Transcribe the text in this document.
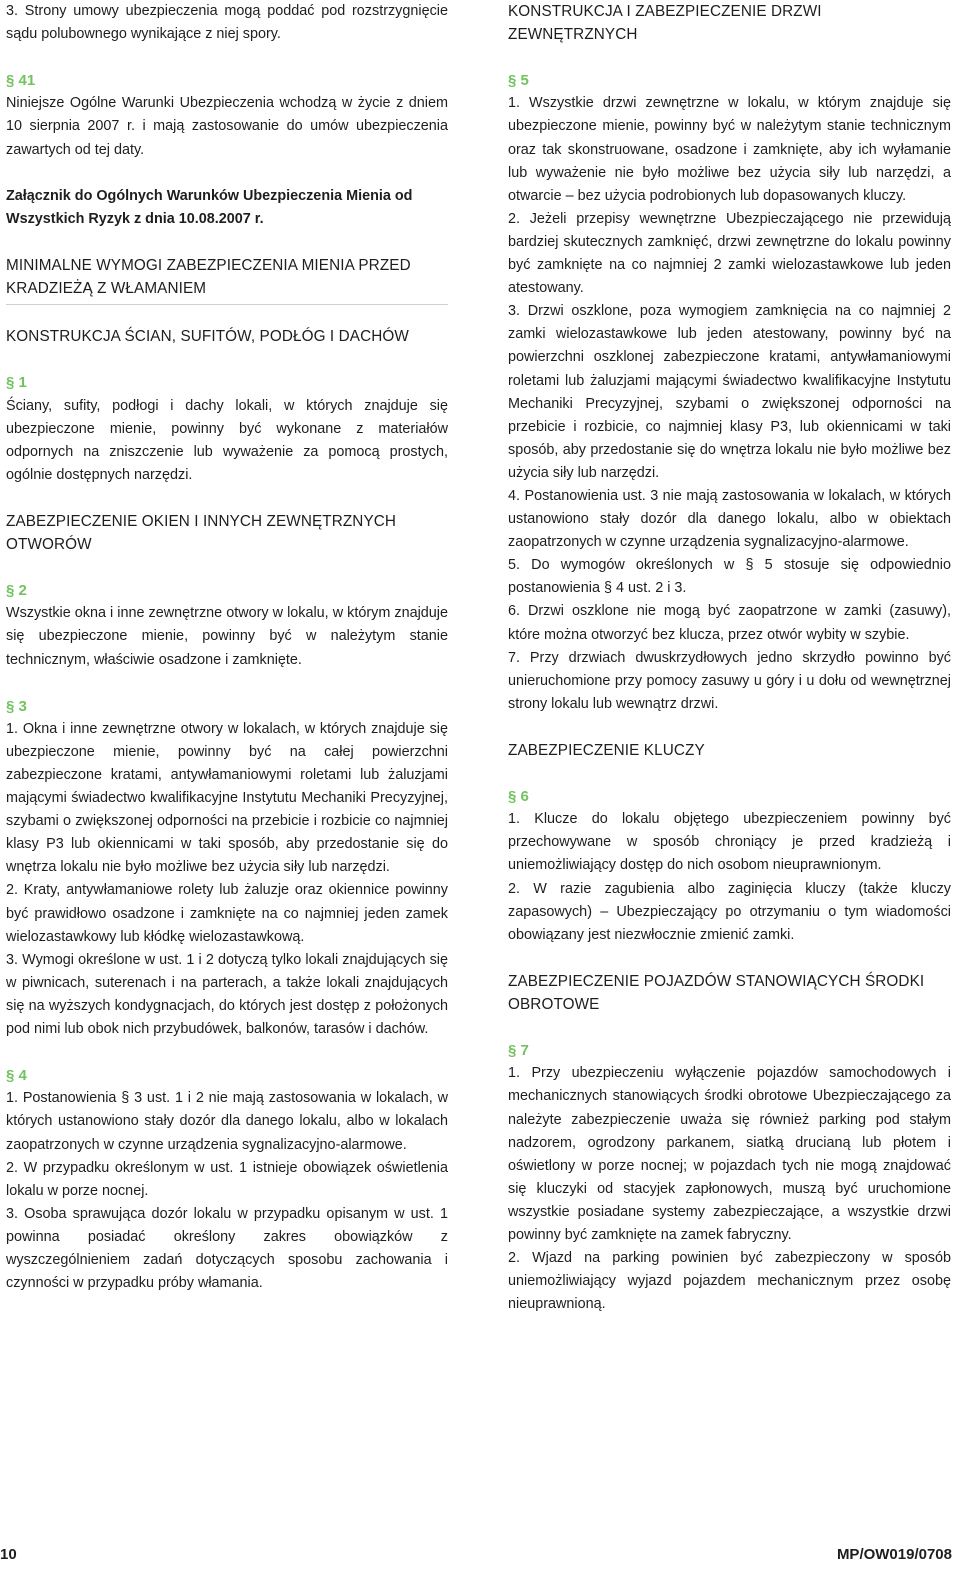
3. Strony umowy ubezpieczenia mogą poddać pod rozstrzygnięcie sądu polubownego wynikające z niej spory.

§ 41

Niniejsze Ogólne Warunki Ubezpieczenia wchodzą w życie z dniem 10 sierpnia 2007 r. i mają zastosowanie do umów ubezpieczenia zawartych od tej daty.

Załącznik do Ogólnych Warunków Ubezpieczenia Mienia od Wszystkich Ryzyk z dnia 10.08.2007 r.

MINIMALNE WYMOGI ZABEZPIECZENIA MIENIA PRZED KRADZIEŻĄ Z WŁAMANIEM

KONSTRUKCJA ŚCIAN, SUFITÓW, PODŁÓG I DACHÓW

§ 1

Ściany, sufity, podłogi i dachy lokali, w których znajduje się ubezpieczone mienie, powinny być wykonane z materiałów odpornych na zniszczenie lub wyważenie za pomocą prostych, ogólnie dostępnych narzędzi.

ZABEZPIECZENIE OKIEN I INNYCH ZEWNĘTRZNYCH OTWORÓW

§ 2

Wszystkie okna i inne zewnętrzne otwory w lokalu, w którym znajduje się ubezpieczone mienie, powinny być w należytym stanie technicznym, właściwie osadzone i zamknięte.

§ 3

1. Okna i inne zewnętrzne otwory w lokalach, w których znajduje się ubezpieczone mienie, powinny być na całej powierzchni zabezpieczone kratami, antywłamaniowymi roletami lub żaluzjami mającymi świadectwo kwalifikacyjne Instytutu Mechaniki Precyzyjnej, szybami o zwiększonej odporności na przebicie i rozbicie co najmniej klasy P3 lub okiennicami w taki sposób, aby przedostanie się do wnętrza lokalu nie było możliwe bez użycia siły lub narzędzi.

2. Kraty, antywłamaniowe rolety lub żaluzje oraz okiennice powinny być prawidłowo osadzone i zamknięte na co najmniej jeden zamek wielozastawkowy lub kłódkę wielozastawkową.

3. Wymogi określone w ust. 1 i 2 dotyczą tylko lokali znajdujących się w piwnicach, suterenach i na parterach, a także lokali znajdujących się na wyższych kondygnacjach, do których jest dostęp z położonych pod nimi lub obok nich przybudówek, balkonów, tarasów i dachów.

§ 4

1. Postanowienia § 3 ust. 1 i 2 nie mają zastosowania w lokalach, w których ustanowiono stały dozór dla danego lokalu, albo w lokalach zaopatrzonych w czynne urządzenia sygnalizacyjno-alarmowe.

2. W przypadku określonym w ust. 1 istnieje obowiązek oświetlenia lokalu w porze nocnej.

3. Osoba sprawująca dozór lokalu w przypadku opisanym w ust. 1 powinna posiadać określony zakres obowiązków z wyszczególnieniem zadań dotyczących sposobu zachowania i czynności w przypadku próby włamania.

KONSTRUKCJA I ZABEZPIECZENIE DRZWI ZEWNĘTRZNYCH

§ 5

1. Wszystkie drzwi zewnętrzne w lokalu, w którym znajduje się ubezpieczone mienie, powinny być w należytym stanie technicznym oraz tak skonstruowane, osadzone i zamknięte, aby ich wyłamanie lub wyważenie nie było możliwe bez użycia siły lub narzędzi, a otwarcie – bez użycia podrobionych lub dopasowanych kluczy.

2. Jeżeli przepisy wewnętrzne Ubezpieczającego nie przewidują bardziej skutecznych zamknięć, drzwi zewnętrzne do lokalu powinny być zamknięte na co najmniej 2 zamki wielozastawkowe lub jeden atestowany.

3. Drzwi oszklone, poza wymogiem zamknięcia na co najmniej 2 zamki wielozastawkowe lub jeden atestowany, powinny być na powierzchni oszklonej zabezpieczone kratami, antywłamaniowymi roletami lub żaluzjami mającymi świadectwo kwalifikacyjne Instytutu Mechaniki Precyzyjnej, szybami o zwiększonej odporności na przebicie i rozbicie, co najmniej klasy P3, lub okiennicami w taki sposób, aby przedostanie się do wnętrza lokalu nie było możliwe bez użycia siły lub narzędzi.

4. Postanowienia ust. 3 nie mają zastosowania w lokalach, w których ustanowiono stały dozór dla danego lokalu, albo w obiektach zaopatrzonych w czynne urządzenia sygnalizacyjno-alarmowe.

5. Do wymogów określonych w § 5 stosuje się odpowiednio postanowienia § 4 ust. 2 i 3.

6. Drzwi oszklone nie mogą być zaopatrzone w zamki (zasuwy), które można otworzyć bez klucza, przez otwór wybity w szybie.

7. Przy drzwiach dwuskrzydłowych jedno skrzydło powinno być unieruchomione przy pomocy zasuwy u góry i u dołu od wewnętrznej strony lokalu lub wewnątrz drzwi.

ZABEZPIECZENIE KLUCZY

§ 6

1. Klucze do lokalu objętego ubezpieczeniem powinny być przechowywane w sposób chroniący je przed kradzieżą i uniemożliwiający dostęp do nich osobom nieuprawnionym.

2. W razie zagubienia albo zaginięcia kluczy (także kluczy zapasowych) – Ubezpieczający po otrzymaniu o tym wiadomości obowiązany jest niezwłocznie zmienić zamki.

ZABEZPIECZENIE POJAZDÓW STANOWIĄCYCH ŚRODKI OBROTOWE

§ 7

1. Przy ubezpieczeniu wyłączenie pojazdów samochodowych i mechanicznych stanowiących środki obrotowe Ubezpieczającego za należyte zabezpieczenie uważa się również parking pod stałym nadzorem, ogrodzony parkanem, siatką drucianą lub płotem i oświetlony w porze nocnej; w pojazdach tych nie mogą znajdować się kluczyki od stacyjek zapłonowych, muszą być uruchomione wszystkie posiadane systemy zabezpieczające, a wszystkie drzwi powinny być zamknięte na zamek fabryczny.

2. Wjazd na parking powinien być zabezpieczony w sposób uniemożliwiający wyjazd pojazdem mechanicznym przez osobę nieuprawnioną.

10	MP/OW019/0708
